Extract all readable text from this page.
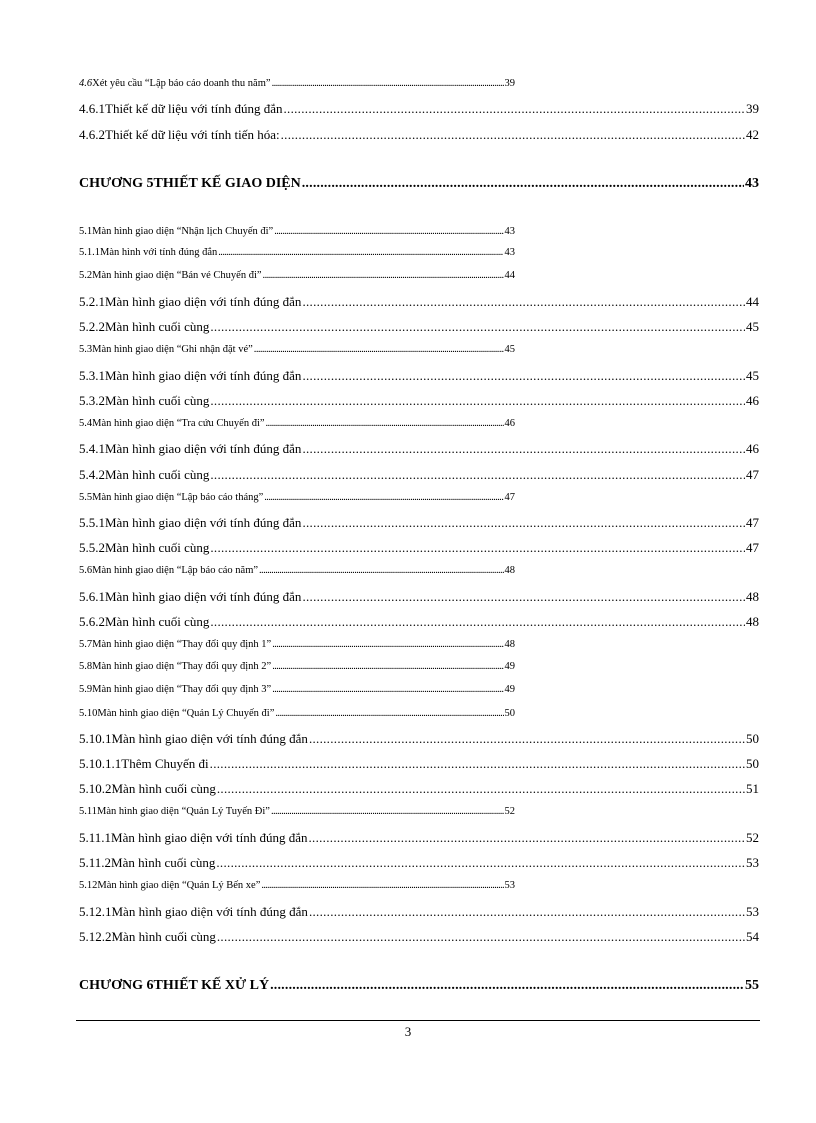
4.6 Xét yêu cầu “Lập báo cáo doanh thu năm” .....	39
4.6.1 Thiết kế dữ liệu với tính đúng đắn .....	39
4.6.2 Thiết kế dữ liệu với tính tiến hóa: .....	42
CHƯƠNG 5 THIẾT KẾ GIAO DIỆN .....	43
5.1 Màn hình giao diện “Nhận lịch Chuyến đi” .....	43
5.1.1 Màn hình với tính đúng đắn .....	43
5.2 Màn hình giao diện “Bán vé Chuyến đi” .....	44
5.2.1 Màn hình giao diện với tính đúng đắn .....	44
5.2.2 Màn hình cuối cùng .....	45
5.3 Màn hình giao diện “Ghi nhận đặt vé” .....	45
5.3.1 Màn hình giao diện với tính đúng đắn .....	45
5.3.2 Màn hình cuối cùng .....	46
5.4 Màn hình giao diện “Tra cứu Chuyến đi” .....	46
5.4.1 Màn hình giao diện với tính đúng đắn .....	46
5.4.2 Màn hình cuối cùng .....	47
5.5 Màn hình giao diện “Lập báo cáo tháng” .....	47
5.5.1 Màn hình giao diện với tính đúng đắn .....	47
5.5.2 Màn hình cuối cùng .....	47
5.6 Màn hình giao diện “Lập báo cáo năm” .....	48
5.6.1 Màn hình giao diện với tính đúng đắn .....	48
5.6.2 Màn hình cuối cùng .....	48
5.7 Màn hình giao diện “Thay đổi quy định 1” .....	48
5.8 Màn hình giao diện “Thay đổi quy định 2” .....	49
5.9 Màn hình giao diện “Thay đổi quy định 3” .....	49
5.10 Màn hình giao diện “Quản Lý Chuyến đi” .....	50
5.10.1 Màn hình giao diện với tính đúng đắn .....	50
5.10.1.1 Thêm Chuyến đi .....	50
5.10.2 Màn hình cuối cùng .....	51
5.11 Màn hình giao diện “Quản Lý Tuyến Đi” .....	52
5.11.1 Màn hình giao diện với tính đúng đắn .....	52
5.11.2 Màn hình cuối cùng .....	53
5.12 Màn hình giao diện “Quản Lý Bến xe” .....	53
5.12.1 Màn hình giao diện với tính đúng đắn .....	53
5.12.2 Màn hình cuối cùng .....	54
CHƯƠNG 6 THIẾT KẾ XỬ LÝ .....	55
3
